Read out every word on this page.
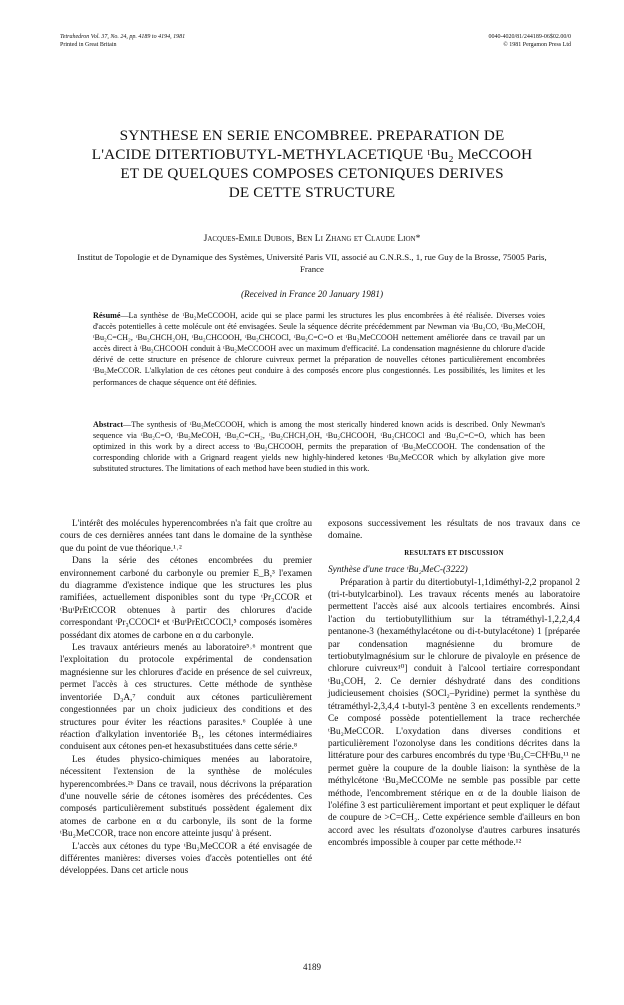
Tetrahedron Vol. 37, No. 24, pp. 4189 to 4194, 1981
Printed in Great Britain
0040-4020/81/244189-06$02.00/0
© 1981 Pergamon Press Ltd
SYNTHESE EN SERIE ENCOMBREE. PREPARATION DE
L'ACIDE DITERTIOBUTYL-METHYLACETIQUE ᵗBu₂ MeCCOOH
ET DE QUELQUES COMPOSES CETONIQUES DERIVES
DE CETTE STRUCTURE
Jacques-Emile Dubois, Ben Li Zhang et Claude Lion*
Institut de Topologie et de Dynamique des Systèmes, Université Paris VII, associé au C.N.R.S., 1, rue Guy de la Brosse, 75005 Paris, France
(Received in France 20 January 1981)
Résumé—La synthèse de ᵗBu₂MeCCOOH, acide qui se place parmi les structures les plus encombrées à été réalisée. Diverses voies d'accès potentielles à cette molécule ont été envisagées. Seule la séquence décrite précédemment par Newman via ᵗBu₂CO, ᵗBu₂MeCOH, ᵗBu₂C=CH₂, ᵗBu₂CHCH₂OH, ᵗBu₂CHCOOH, ᵗBu₂CHCOCl, ᵗBu₂C=C=O et ᵗBu₂MeCCOOH nettement améliorée dans ce travail par un accès direct à ᵗBu₂CHCOOH conduit à ᵗBu₂MeCCOOH avec un maximum d'efficacité. La condensation magnésienne du chlorure d'acide dérivé de cette structure en présence de chlorure cuivreux permet la préparation de nouvelles cétones particulièrement encombrées ᵗBu₂MeCCOR. L'alkylation de ces cétones peut conduire à des composés encore plus congestionnés. Les possibilités, les limites et les performances de chaque séquence ont été définies.
Abstract—The synthesis of ᵗBu₂MeCCOOH, which is among the most sterically hindered known acids is described. Only Newman's sequence via ᵗBu₂C=O, ᵗBu₂MeCOH, ᵗBu₂C=CH₂, ᵗBu₂CHCH₂OH, ᵗBu₂CHCOOH, ᵗBu₂CHCOCl and ᵗBu₂C=C=O, which has been optimized in this work by a direct access to ᵗBu₂CHCOOH, permits the preparation of ᵗBu₂MeCCOOH. The condensation of the corresponding chloride with a Grignard reagent yields new highly-hindered ketones ᵗBu₂MeCCOR which by alkylation give more substituted structures. The limitations of each method have been studied in this work.

L'intérêt des molécules hyperencombrées n'a fait que croître au cours de ces dernières années tant dans le domaine de la synthèse que du point de vue théorique.¹˒²

Dans la série des cétones encombrées du premier environnement carboné du carbonyle ou premier E_B,³ l'examen du diagramme d'existence indique que les structures les plus ramifiées, actuellement disponibles sont du type ᵗPr₃CCOR et ᵗBuᵗPrEtCCOR obtenues à partir des chlorures d'acide correspondant ᵗPr₃CCOCl⁴ et ᵗBuᵗPrEtCCOCl,⁵ composés isomères possédant dix atomes de carbone en α du carbonyle.

Les travaux antérieurs menés au laboratoire⁵˒⁶ montrent que l'exploitation du protocole expérimental de condensation magnésienne sur les chlorures d'acide en présence de sel cuivreux, permet l'accès à ces structures. Cette méthode de synthèse inventoriée D₃A,⁷ conduit aux cétones particulièrement congestionnées par un choix judicieux des conditions et des structures pour éviter les réactions parasites.⁶ Couplée à une réaction d'alkylation inventoriée B₁, les cétones intermédiaires conduisent aux cétones pen-et hexasubstituées dans cette série.⁸

Les études physico-chimiques menées au laboratoire, nécessitent l'extension de la synthèse de molécules hyperencombrées.²ᵇ Dans ce travail, nous décrivons la préparation d'une nouvelle série de cétones isomères des précédentes. Ces composés particulièrement substitués possèdent également dix atomes de carbone en α du carbonyle, ils sont de la forme ᵗBu₂MeCCOR, trace non encore atteinte jusqu' à présent.

L'accès aux cétones du type ᵗBu₂MeCCOR a été envisagée de différentes manières: diverses voies d'accès potentielles ont été développées. Dans cet article nous

exposons successivement les résultats de nos travaux dans ce domaine.

RESULTATS ET DISCUSSION

Synthèse d'une trace ᵗBu₂MeC-(3222)

Préparation à partir du ditertiobutyl-1,1diméthyl-2,2 propanol 2 (tri-t-butylcarbinol). Les travaux récents menés au laboratoire permettent l'accès aisé aux alcools tertiaires encombrés. Ainsi l'action du tertiobutyllithium sur la tétraméthyl-1,2,2,4,4 pentanone-3 (hexaméthylacétone ou di-t-butylacétone) 1 [préparée par condensation magnésienne du bromure de tertiobutylmagnésium sur le chlorure de pivaloyle en présence de chlorure cuivreux¹⁰] conduit à l'alcool tertiaire correspondant ᵗBu₃COH, 2. Ce dernier déshydraté dans des conditions judicieusement choisies (SOCl₂–Pyridine) permet la synthèse du tétraméthyl-2,3,4,4 t-butyl-3 pentène 3 en excellents rendements.⁹ Ce composé possède potentiellement la trace recherchée ᵗBu₂MeCCOR. L'oxydation dans diverses conditions et particulièrement l'ozonolyse dans les conditions décrites dans la littérature pour des carbures encombrés du type ᵗBu₂C=CHᵗBu,¹¹ ne permet guère la coupure de la double liaison: la synthèse de la méthylcétone ᵗBu₂MeCCOMe ne semble pas possible par cette méthode, l'encombrement stérique en α de la double liaison de l'oléfine 3 est particulièrement important et peut expliquer le défaut de coupure de >C=CH₂. Cette expérience semble d'ailleurs en bon accord avec les résultats d'ozonolyse d'autres carbures insaturés encombrés impossible à couper par cette méthode.¹²

4189
